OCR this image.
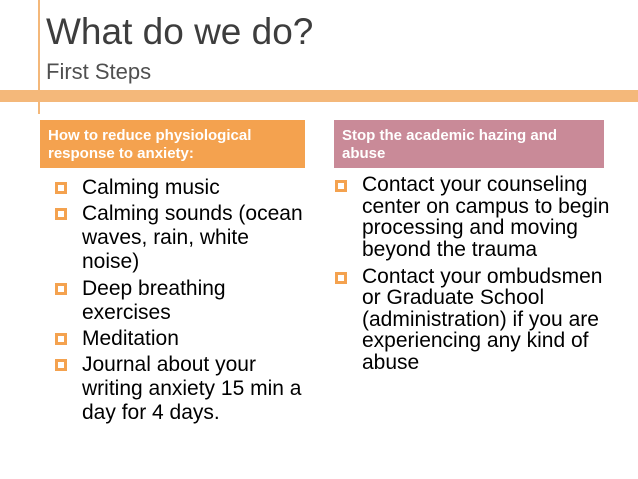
What do we do?
First Steps
How to reduce physiological response to anxiety:
Stop the academic hazing and abuse
Calming music
Calming sounds (ocean waves, rain, white noise)
Deep breathing exercises
Meditation
Journal about your writing anxiety 15 min a day for 4 days.
Contact your counseling center on campus to begin processing and moving beyond the trauma
Contact your ombudsmen or Graduate School (administration) if you are experiencing any kind of abuse
